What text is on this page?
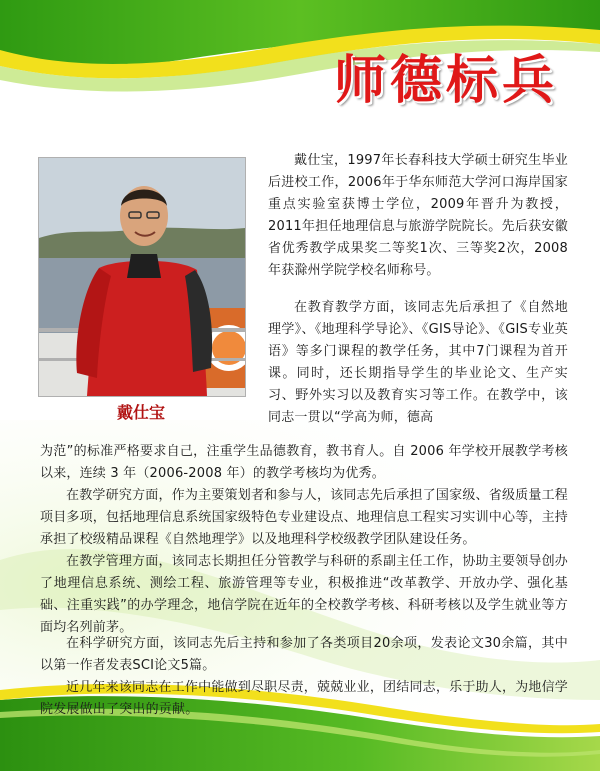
师德标兵

戴仕宝

戴仕宝，1997年长春科技大学硕士研究生毕业后进校工作，2006年于华东师范大学河口海岸国家重点实验室获博士学位，2009年晋升为教授， 2011年担任地理信息与旅游学院院长。先后获安徽省优秀教学成果奖二等奖1次、三等奖2次，2008年获滁州学院学校名师称号。

在教育教学方面，该同志先后承担了《自然地理学》、《地理科学导论》、《GIS导论》、《GIS专业英语》等多门课程的教学任务，其中7门课程为首开课。同时，还长期指导学生的毕业论文、生产实习、野外实习以及教育实习等工作。在教学中，该同志一贯以“学高为师，德高

为范”的标准严格要求自己，注重学生品德教育，教书育人。自 2006 年学校开展教学考核以来，连续 3 年（2006-2008 年）的教学考核均为优秀。

在教学研究方面，作为主要策划者和参与人，该同志先后承担了国家级、省级质量工程项目多项，包括地理信息系统国家级特色专业建设点、地理信息工程实习实训中心等，主持承担了校级精品课程《自然地理学》以及地理科学校级教学团队建设任务。

在教学管理方面，该同志长期担任分管教学与科研的系副主任工作，协助主要领导创办了地理信息系统、测绘工程、旅游管理等专业，积极推进“改革教学、开放办学、强化基础、注重实践”的办学理念，地信学院在近年的全校教学考核、科研考核以及学生就业等方面均名列前茅。

在科学研究方面，该同志先后主持和参加了各类项目20余项，发表论文30余篇，其中以第一作者发表SCI论文5篇。

近几年来该同志在工作中能做到尽职尽责，兢兢业业，团结同志，乐于助人，为地信学院发展做出了突出的贡献。
